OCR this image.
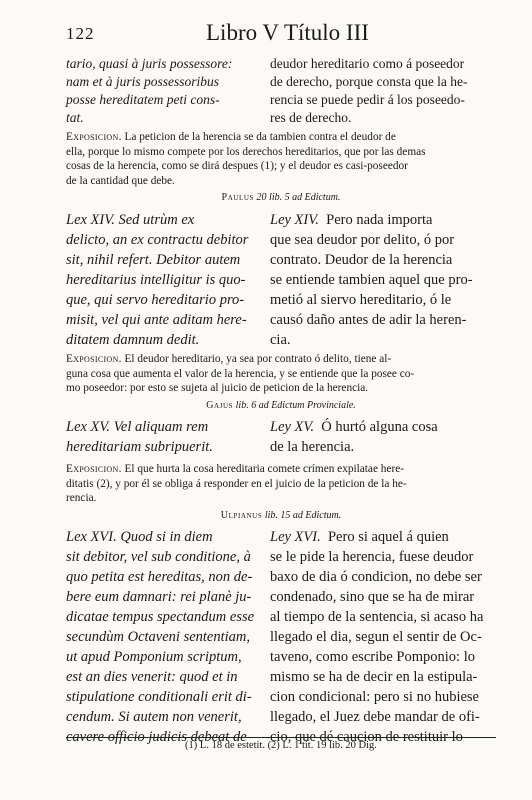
122	Libro V Título III
tario, quasi à juris possessore:
nam et à juris possessoribus
posse hereditatem peti cons-
tat.
deudor hereditario como á poseedor
de derecho, porque consta que la he-
rencia se puede pedir á los poseedo-
res de derecho.
Exposicion. La peticion de la herencia se da tambien contra el deudor de
ella, porque lo mismo compete por los derechos hereditarios, que por las demas
cosas de la herencia, como se dirá despues (1); y el deudor es casi-poseedor
de la cantidad que debe.
Paulus 20 lib. 5 ad Edictum.
Lex XIV. Sed utrùm ex
delicto, an ex contractu debitor
sit, nihil refert. Debitor autem
hereditarius intelligitur is quo-
que, qui servo hereditario pro-
misit, vel qui ante aditam here-
ditatem damnum dedit.
Ley XIV. Pero nada importa
que sea deudor por delito, ó por
contrato. Deudor de la herencia
se entiende tambien aquel que pro-
metió al siervo hereditario, ó le
causó daño antes de adir la heren-
cia.
Exposicion. El deudor hereditario, ya sea por contrato ó delito, tiene al-
guna cosa que aumenta el valor de la herencia, y se entiende que la posee co-
mo poseedor: por esto se sujeta al juicio de peticion de la herencia.
Gajus lib. 6 ad Edictum Provinciale.
Lex XV. Vel aliquam rem
hereditariam subripuerit.
Ley XV. Ó hurtó alguna cosa
de la herencia.
Exposicion. El que hurta la cosa hereditaria comete crímen expilatae here-
ditatis (2), y por él se obliga á responder en el juicio de la peticion de la he-
rencia.
Ulpianus lib. 15 ad Edictum.
Lex XVI. Quod si in diem
sit debitor, vel sub conditione, à
quo petita est hereditas, non de-
bere eum damnari: rei planè ju-
dicatae tempus spectandum esse
secundùm Octaveni sententiam,
ut apud Pomponium scriptum,
est an dies venerit: quod et in
stipulatione conditionali erit di-
cendum. Si autem non venerit,
cavere officio judicis debeat de
Ley XVI. Pero si aquel á quien
se le pide la herencia, fuese deudor
baxo de dia ó condicion, no debe ser
condenado, sino que se ha de mirar
al tiempo de la sentencia, si acaso ha
llegado el dia, segun el sentir de Oc-
taveno, como escribe Pomponio: lo
mismo se ha de decir en la estipula-
cion condicional: pero si no hubiese
llegado, el Juez debe mandar de ofi-
cio, que dé caucion de restituir lo
(1) L. 18 de estetit. (2) L. 1 tit. 19 lib. 20 Dig.
